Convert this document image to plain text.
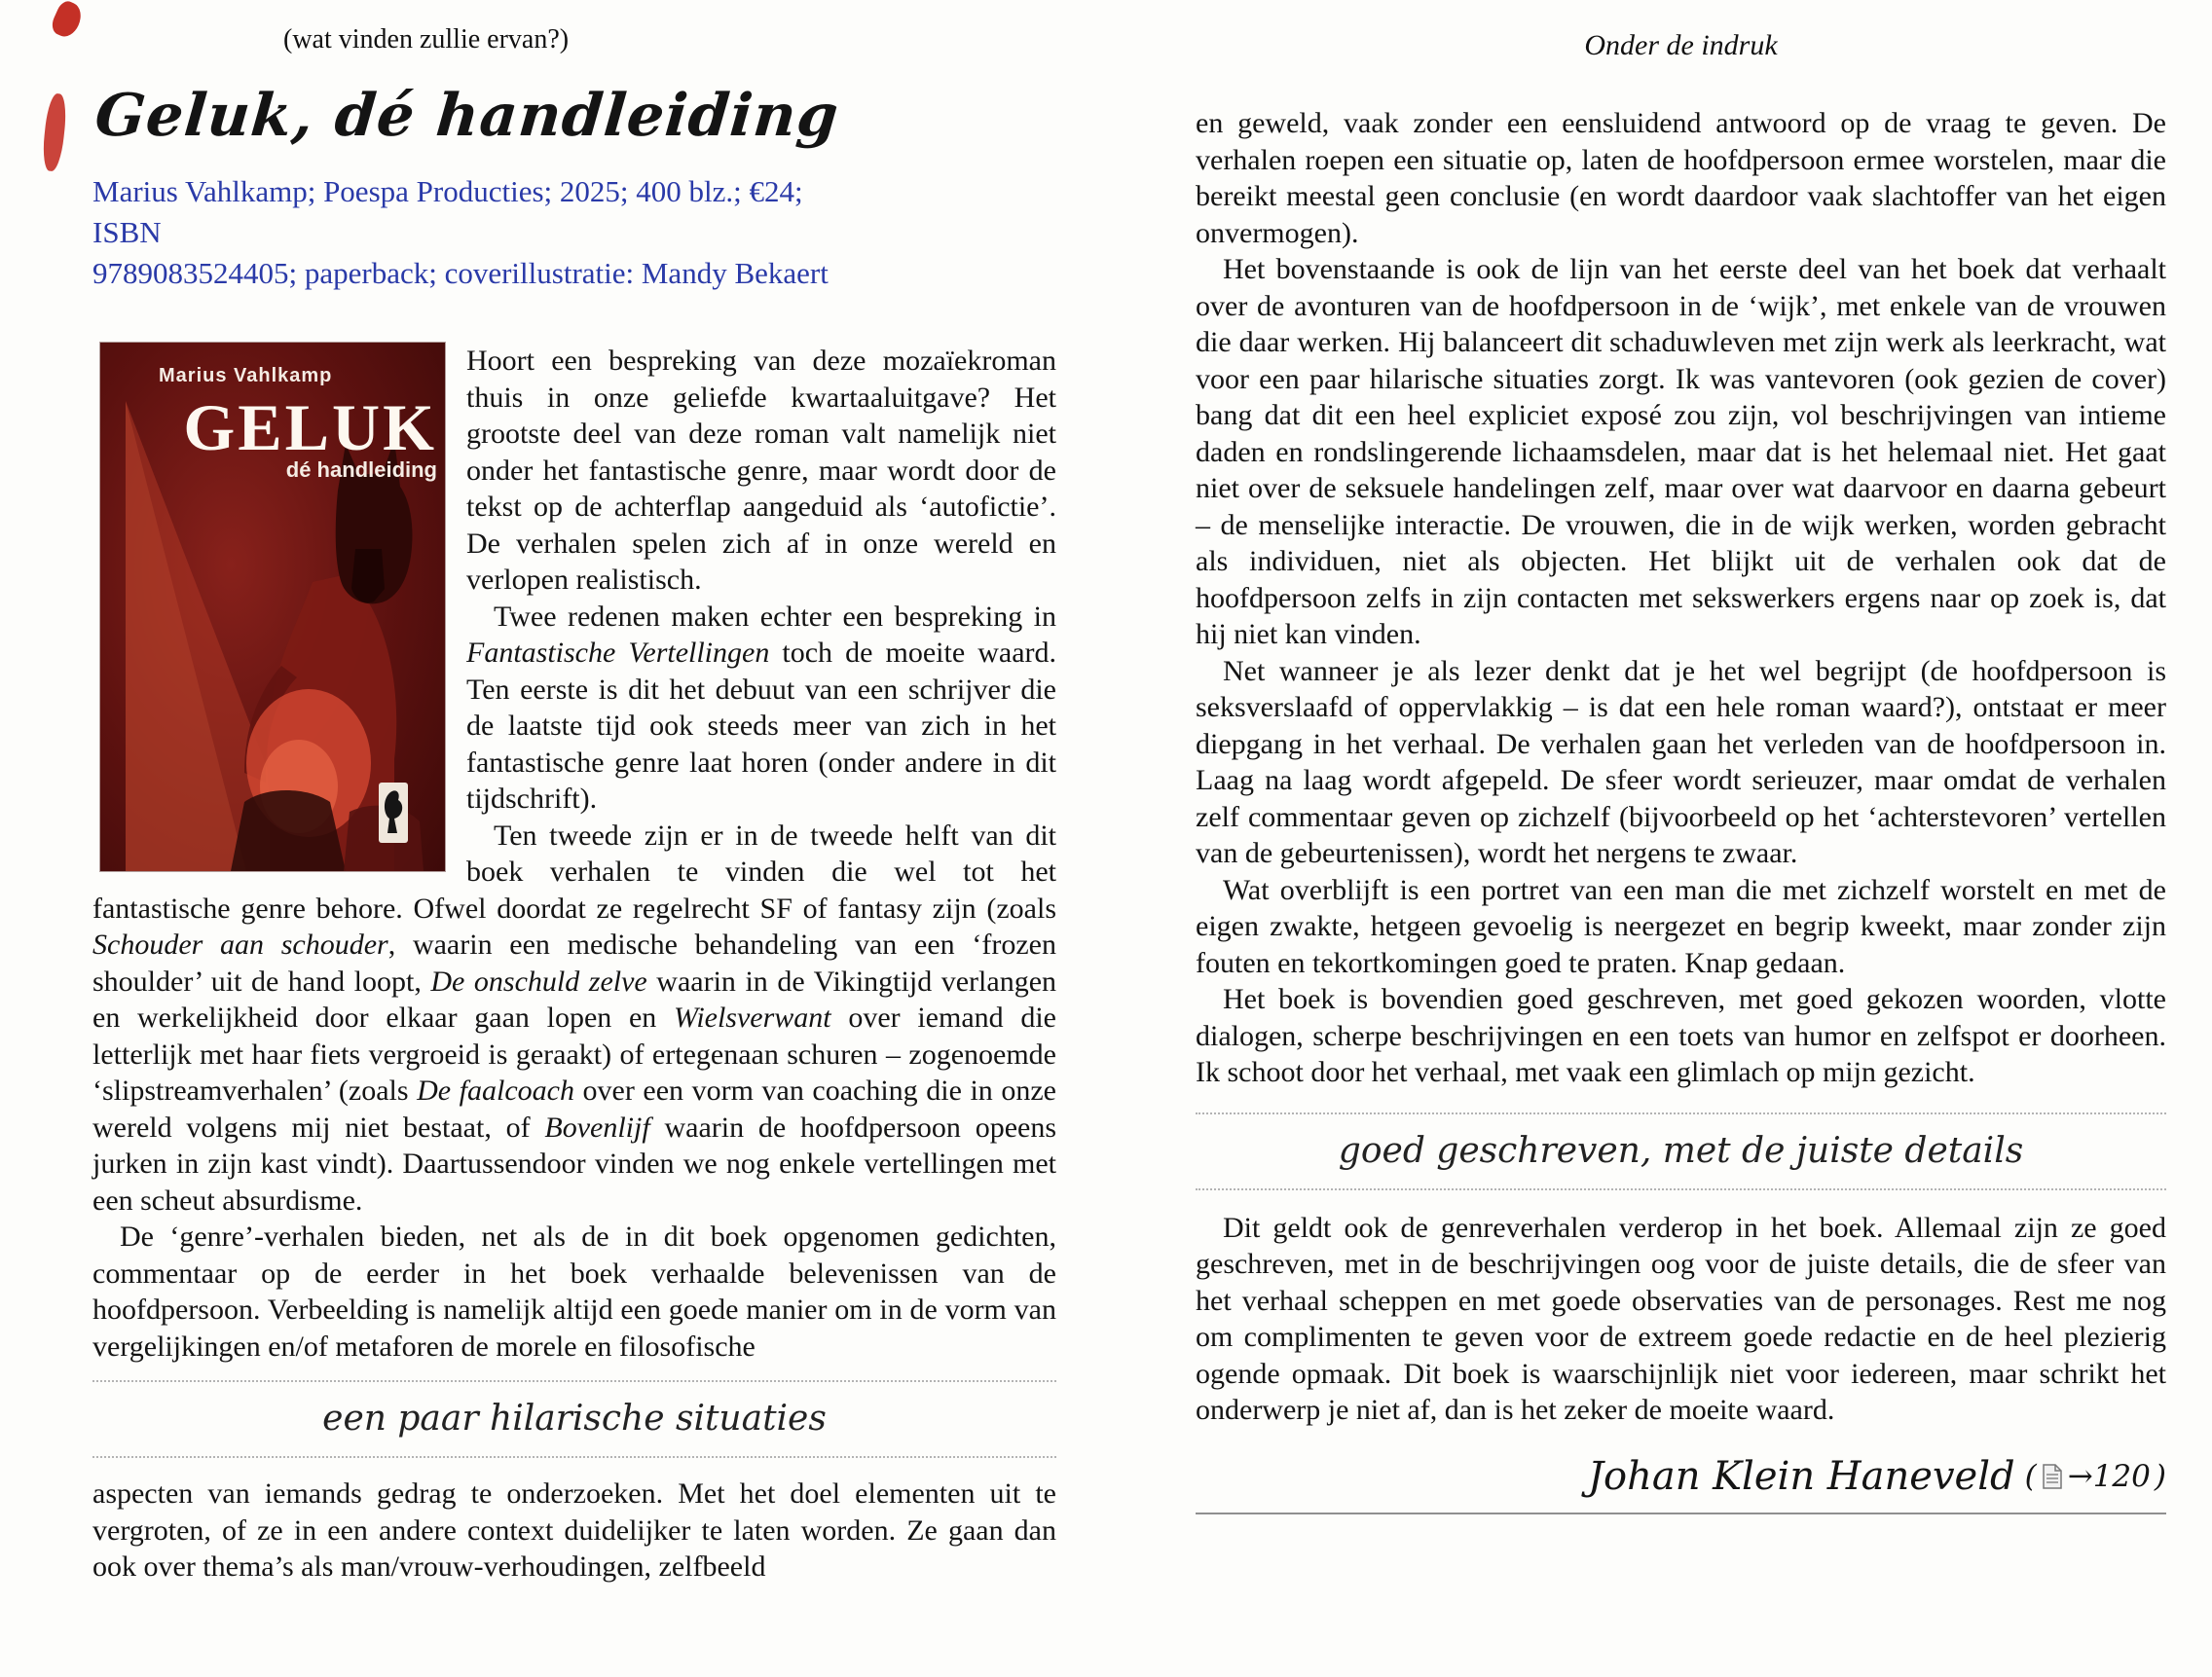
(wat vinden zullie ervan?)
Geluk, dé handleiding
Marius Vahlkamp; Poespa Producties; 2025; 400 blz.; €24; ISBN
9789083524405; paperback; coverillustratie: Mandy Bekaert
Marius Vahlkamp
GELUK
dé handleiding

Hoort een bespreking van deze mozaïekroman thuis in onze geliefde kwartaaluitgave? Het grootste deel van deze roman valt namelijk niet onder het fantastische genre, maar wordt door de tekst op de achterflap aangeduid als ‘autofictie’. De verhalen spelen zich af in onze wereld en verlopen realistisch.

Twee redenen maken echter een bespreking in Fantastische Vertellingen toch de moeite waard. Ten eerste is dit het debuut van een schrijver die de laatste tijd ook steeds meer van zich in het fantastische genre laat horen (onder andere in dit tijdschrift).

Ten tweede zijn er in de tweede helft van dit boek verhalen te vinden die wel tot het fantastische genre behore. Ofwel doordat ze regelrecht SF of fantasy zijn (zoals Schouder aan schouder, waarin een medische behandeling van een ‘frozen shoulder’ uit de hand loopt, De onschuld zelve waarin in de Vikingtijd verlangen en werkelijkheid door elkaar gaan lopen en Wielsverwant over iemand die letterlijk met haar fiets vergroeid is geraakt) of ertegenaan schuren – zogenoemde ‘slipstreamverhalen’ (zoals De faalcoach over een vorm van coaching die in onze wereld volgens mij niet bestaat, of Bovenlijf waarin de hoofdpersoon opeens jurken in zijn kast vindt). Daartussendoor vinden we nog enkele vertellingen met een scheut absurdisme.

De ‘genre’-verhalen bieden, net als de in dit boek opgenomen gedichten, commentaar op de eerder in het boek verhaalde belevenissen van de hoofdpersoon. Verbeelding is namelijk altijd een goede manier om in de vorm van vergelijkingen en/of metaforen de morele en filosofische

een paar hilarische situaties

aspecten van iemands gedrag te onderzoeken. Met het doel elementen uit te vergroten, of ze in een andere context duidelijker te laten worden. Ze gaan dan ook over thema’s als man/vrouw-verhoudingen, zelfbeeld

Onder de indruk

en geweld, vaak zonder een eensluidend antwoord op de vraag te geven. De verhalen roepen een situatie op, laten de hoofdpersoon ermee worstelen, maar die bereikt meestal geen conclusie (en wordt daardoor vaak slachtoffer van het eigen onvermogen).

Het bovenstaande is ook de lijn van het eerste deel van het boek dat verhaalt over de avonturen van de hoofdpersoon in de ‘wijk’, met enkele van de vrouwen die daar werken. Hij balanceert dit schaduwleven met zijn werk als leerkracht, wat voor een paar hilarische situaties zorgt. Ik was vantevoren (ook gezien de cover) bang dat dit een heel expliciet exposé zou zijn, vol beschrijvingen van intieme daden en rondslingerende lichaamsdelen, maar dat is het helemaal niet. Het gaat niet over de seksuele handelingen zelf, maar over wat daarvoor en daarna gebeurt – de menselijke interactie. De vrouwen, die in de wijk werken, worden gebracht als individuen, niet als objecten. Het blijkt uit de verhalen ook dat de hoofdpersoon zelfs in zijn contacten met sekswerkers ergens naar op zoek is, dat hij niet kan vinden.

Net wanneer je als lezer denkt dat je het wel begrijpt (de hoofdpersoon is seksverslaafd of oppervlakkig – is dat een hele roman waard?), ontstaat er meer diepgang in het verhaal. De verhalen gaan het verleden van de hoofdpersoon in. Laag na laag wordt afgepeld. De sfeer wordt serieuzer, maar omdat de verhalen zelf commentaar geven op zichzelf (bijvoorbeeld op het ‘achterstevoren’ vertellen van de gebeurtenissen), wordt het nergens te zwaar.

Wat overblijft is een portret van een man die met zichzelf worstelt en met de eigen zwakte, hetgeen gevoelig is neergezet en begrip kweekt, maar zonder zijn fouten en tekortkomingen goed te praten. Knap gedaan.

Het boek is bovendien goed geschreven, met goed gekozen woorden, vlotte dialogen, scherpe beschrijvingen en een toets van humor en zelfspot er doorheen. Ik schoot door het verhaal, met vaak een glimlach op mijn gezicht.

goed geschreven, met de juiste details

Dit geldt ook de genreverhalen verderop in het boek. Allemaal zijn ze goed geschreven, met in de beschrijvingen oog voor de juiste details, die de sfeer van het verhaal scheppen en met goede observaties van de personages. Rest me nog om complimenten te geven voor de extreem goede redactie en de heel plezierig ogende opmaak. Dit boek is waarschijnlijk niet voor iedereen, maar schrikt het onderwerp je niet af, dan is het zeker de moeite waard.

Johan Klein Haneveld ( →120 )
